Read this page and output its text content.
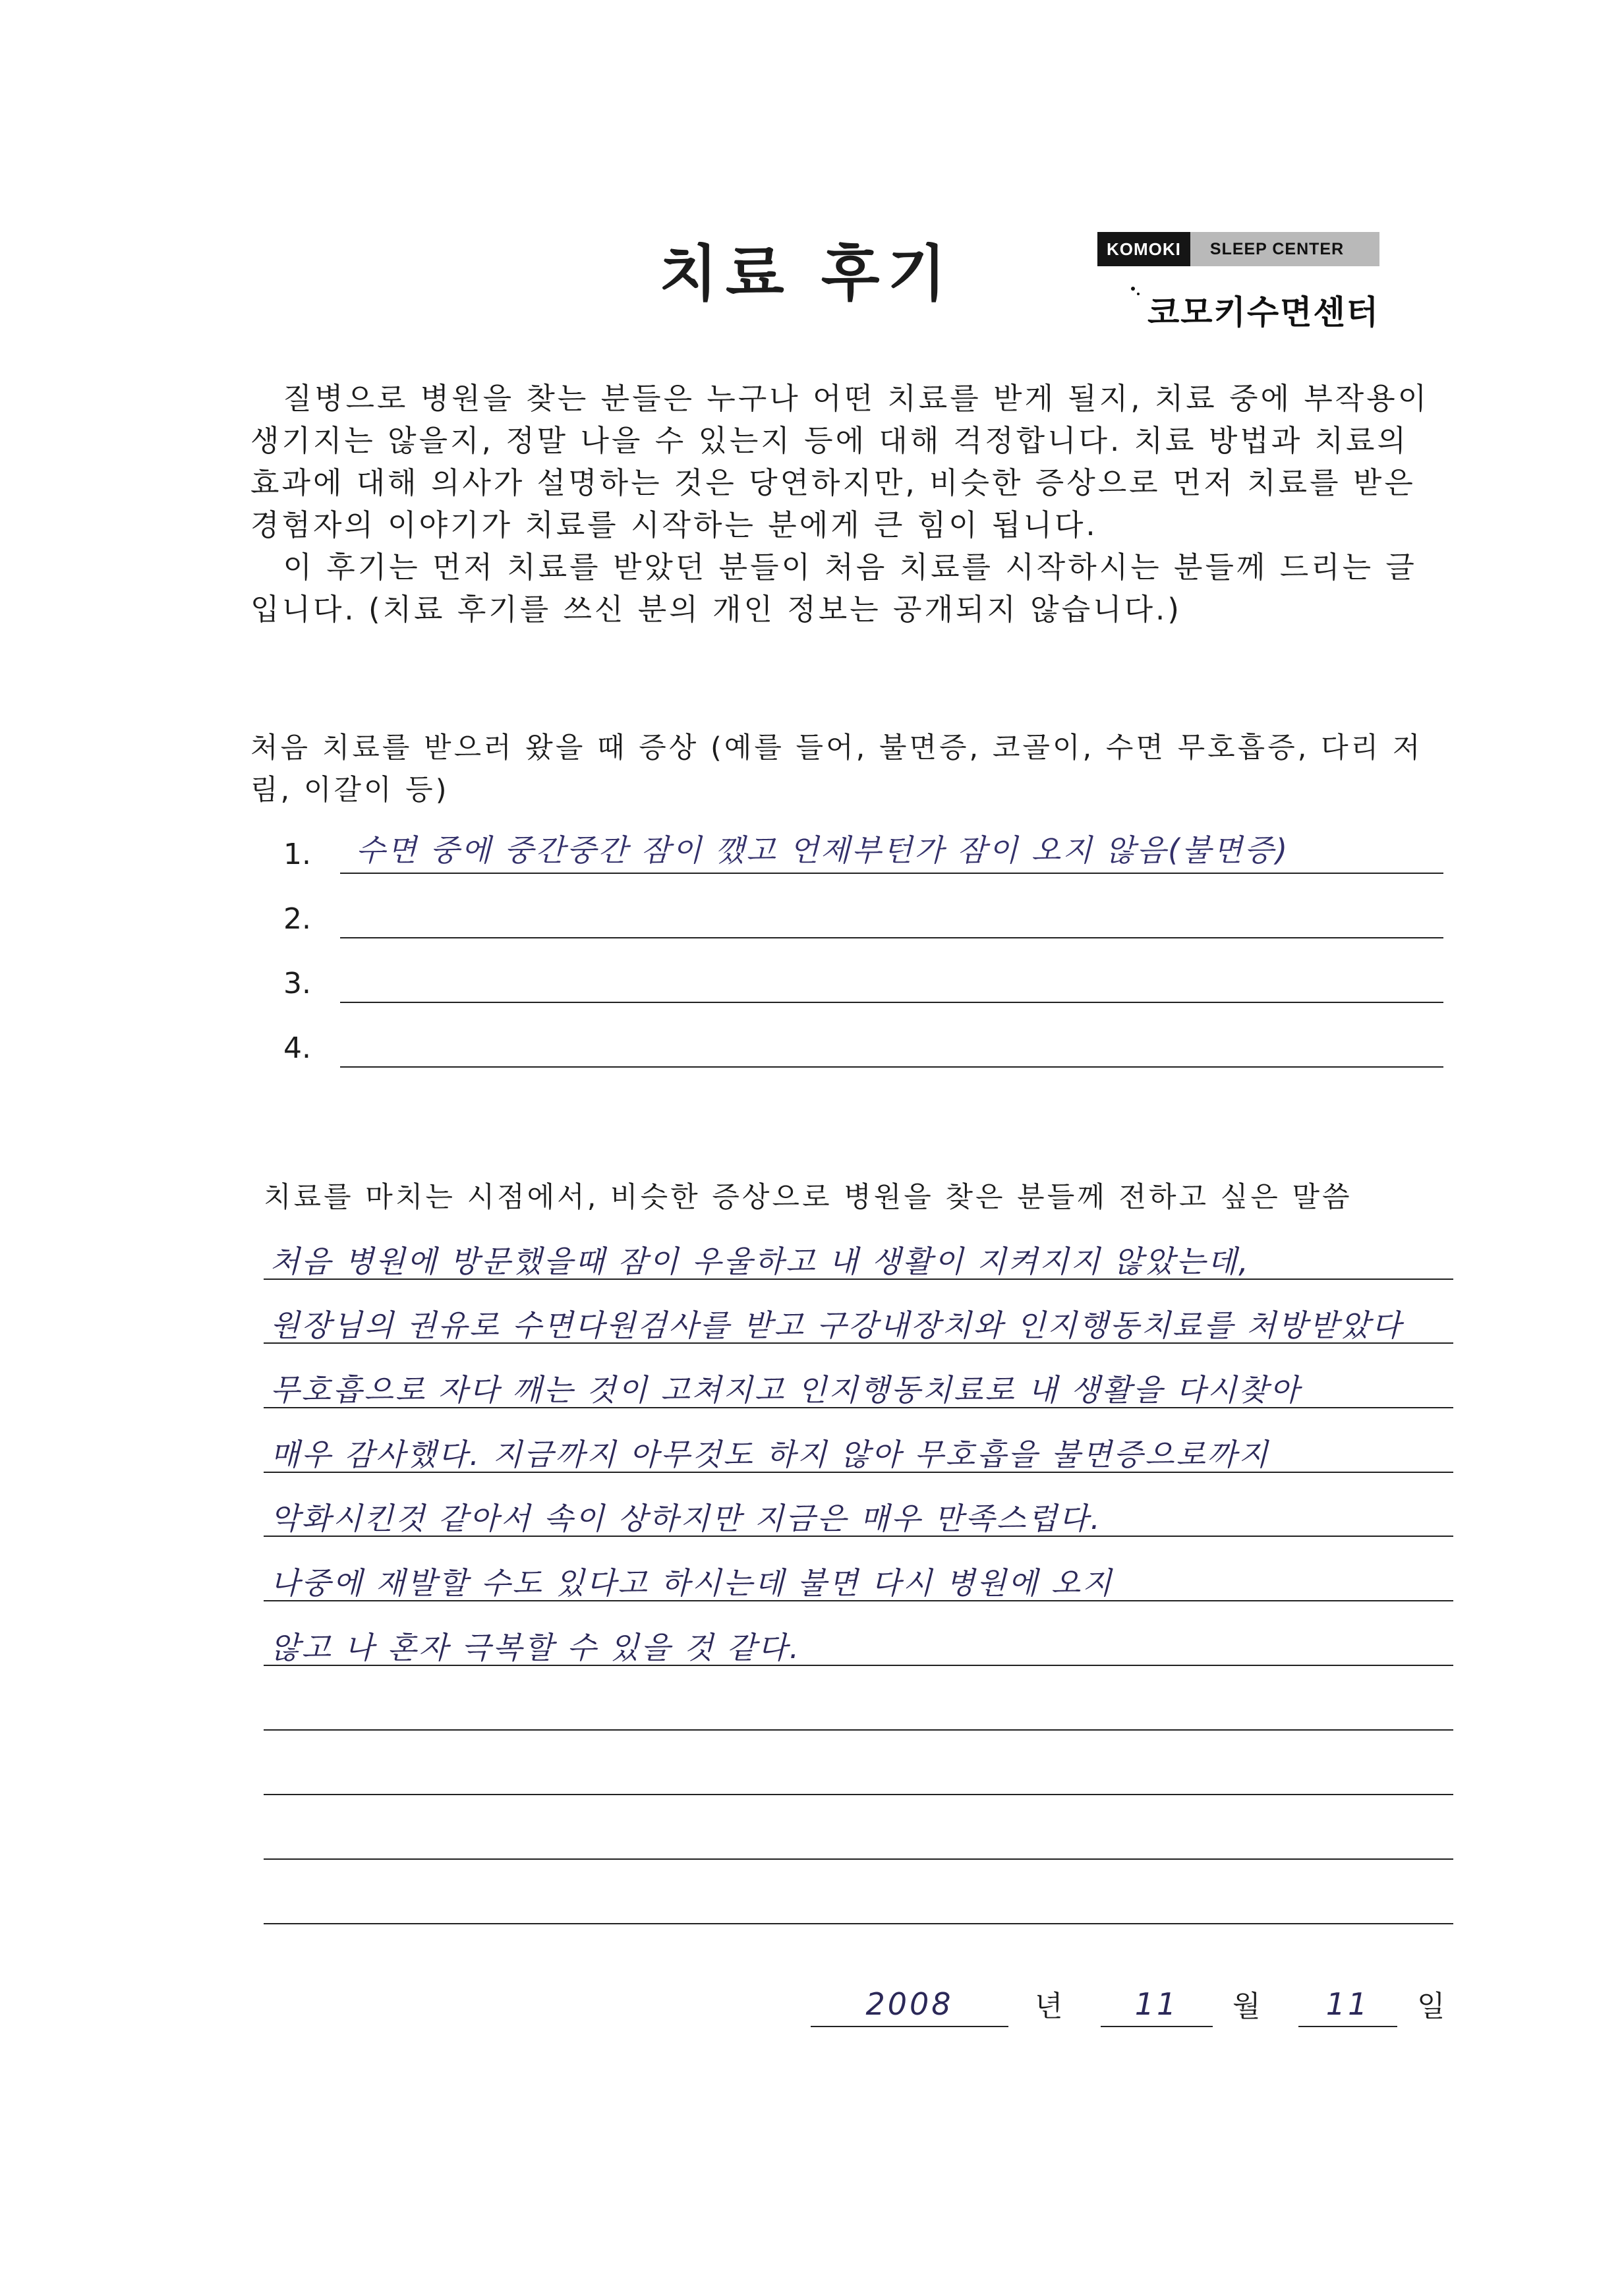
치료 후기	KOMOKI	SLEEP CENTER
코모키수면센터

질병으로 병원을 찾는 분들은 누구나 어떤 치료를 받게 될지, 치료 중에 부작용이 생기지는 않을지, 정말 나을 수 있는지 등에 대해 걱정합니다. 치료 방법과 치료의 효과에 대해 의사가 설명하는 것은 당연하지만, 비슷한 증상으로 먼저 치료를 받은 경험자의 이야기가 치료를 시작하는 분에게 큰 힘이 됩니다.

이 후기는 먼저 치료를 받았던 분들이 처음 치료를 시작하시는 분들께 드리는 글입니다. (치료 후기를 쓰신 분의 개인 정보는 공개되지 않습니다.)

처음 치료를 받으러 왔을 때 증상 (예를 들어, 불면증, 코골이, 수면 무호흡증, 다리 저림, 이갈이 등)

1.	수면 중에 중간중간 잠이 깼고 언제부턴가 잠이 오지 않음(불면증)
2.
3.
4.

치료를 마치는 시점에서, 비슷한 증상으로 병원을 찾은 분들께 전하고 싶은 말씀

처음 병원에 방문했을때 잠이 우울하고 내 생활이 지켜지지 않았는데,
원장님의 권유로 수면다원검사를 받고 구강내장치와 인지행동치료를 처방받았다
무호흡으로 자다 깨는 것이 고쳐지고 인지행동치료로 내 생활을 다시찾아
매우 감사했다. 지금까지 아무것도 하지 않아 무호흡을 불면증으로까지
악화시킨것 같아서 속이 상하지만 지금은 매우 만족스럽다.
나중에 재발할 수도 있다고 하시는데 불면 다시 병원에 오지
않고 나 혼자 극복할 수 있을 것 같다.
2008	년	11	월	11	일
